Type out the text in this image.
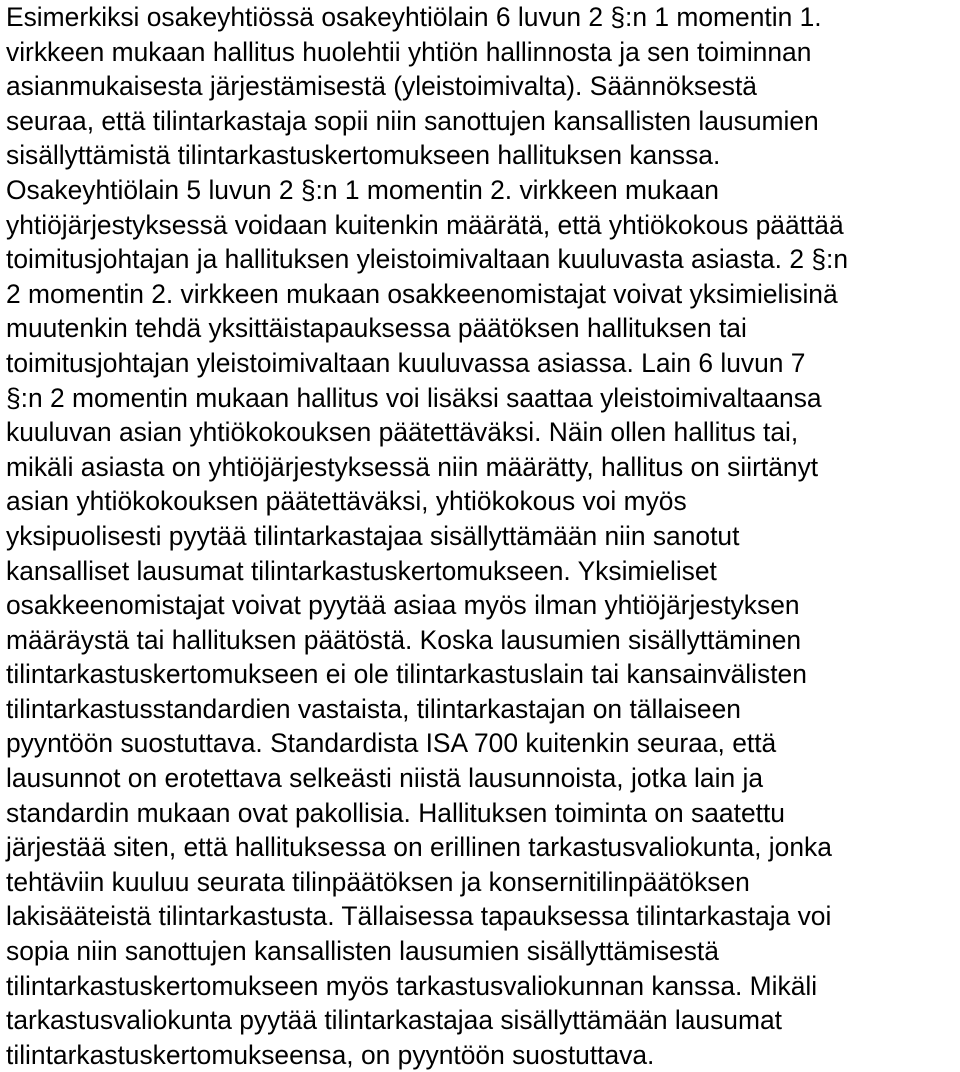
Esimerkiksi osakeyhtiössä osakeyhtiölain 6 luvun 2 §:n 1 momentin 1.
virkkeen mukaan hallitus huolehtii yhtiön hallinnosta ja sen toiminnan
asianmukaisesta järjestämisestä (yleistoimivalta). Säännöksestä
seuraa, että tilintarkastaja sopii niin sanottujen kansallisten lausumien
sisällyttämistä tilintarkastuskertomukseen hallituksen kanssa.
Osakeyhtiölain 5 luvun 2 §:n 1 momentin 2. virkkeen mukaan
yhtiöjärjestyksessä voidaan kuitenkin määrätä, että yhtiökokous päättää
toimitusjohtajan ja hallituksen yleistoimivaltaan kuuluvasta asiasta. 2 §:n
2 momentin 2. virkkeen mukaan osakkeenomistajat voivat yksimielisinä
muutenkin tehdä yksittäistapauksessa päätöksen hallituksen tai
toimitusjohtajan yleistoimivaltaan kuuluvassa asiassa. Lain 6 luvun 7
§:n 2 momentin mukaan hallitus voi lisäksi saattaa yleistoimivaltaansa
kuuluvan asian yhtiökokouksen päätettäväksi. Näin ollen hallitus tai,
mikäli asiasta on yhtiöjärjestyksessä niin määrätty, hallitus on siirtänyt
asian yhtiökokouksen päätettäväksi, yhtiökokous voi myös
yksipuolisesti pyytää tilintarkastajaa sisällyttämään niin sanotut
kansalliset lausumat tilintarkastuskertomukseen. Yksimieliset
osakkeenomistajat voivat pyytää asiaa myös ilman yhtiöjärjestyksen
määräystä tai hallituksen päätöstä. Koska lausumien sisällyttäminen
tilintarkastuskertomukseen ei ole tilintarkastuslain tai kansainvälisten
tilintarkastusstandardien vastaista, tilintarkastajan on tällaiseen
pyyntöön suostuttava. Standardista ISA 700 kuitenkin seuraa, että
lausunnot on erotettava selkeästi niistä lausunnoista, jotka lain ja
standardin mukaan ovat pakollisia. Hallituksen toiminta on saatettu
järjestää siten, että hallituksessa on erillinen tarkastusvaliokunta, jonka
tehtäviin kuuluu seurata tilinpäätöksen ja konsernitilinpäätöksen
lakisääteistä tilintarkastusta. Tällaisessa tapauksessa tilintarkastaja voi
sopia niin sanottujen kansallisten lausumien sisällyttämisestä
tilintarkastuskertomukseen myös tarkastusvaliokunnan kanssa. Mikäli
tarkastusvaliokunta pyytää tilintarkastajaa sisällyttämään lausumat
tilintarkastuskertomukseensa, on pyyntöön suostuttava.
